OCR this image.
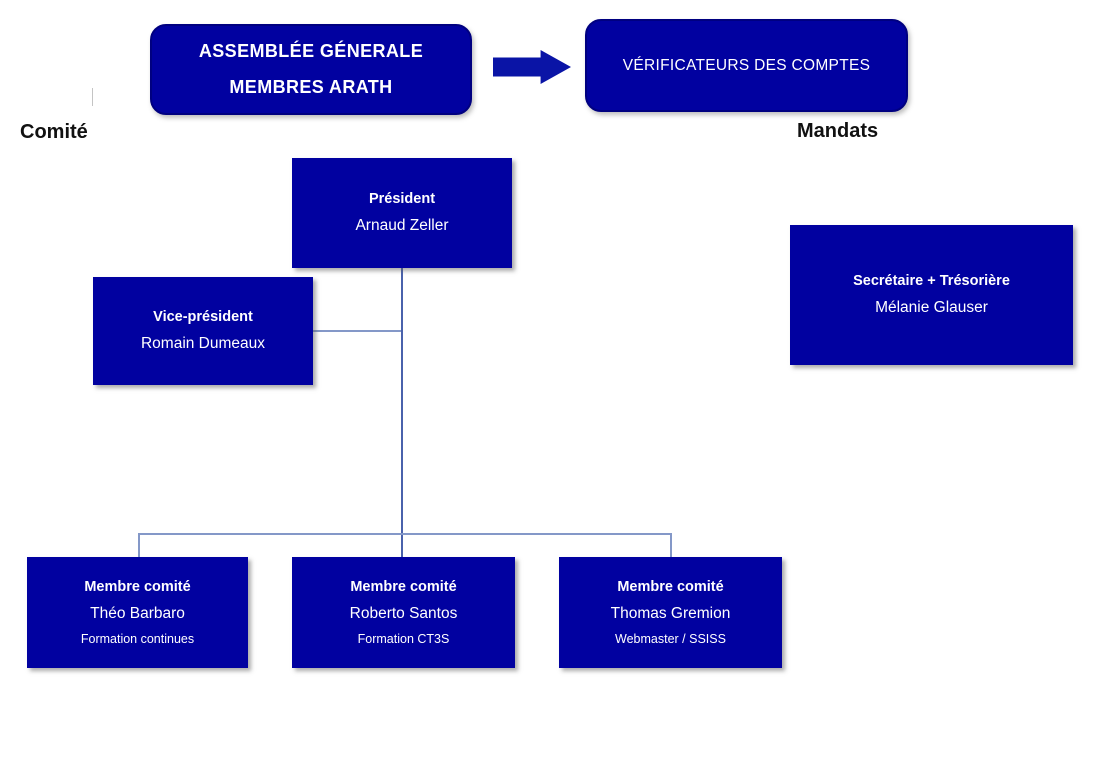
ASSEMBLÉE GÉNERALE
MEMBRES ARATH
VÉRIFICATEURS DES COMPTES
Comité	Mandats
Président
Arnaud Zeller
Vice-président
Romain Dumeaux
Secrétaire + Trésorière
Mélanie Glauser
Membre comité
Théo Barbaro
Formation continues
Membre comité
Roberto Santos
Formation CT3S
Membre comité
Thomas Gremion
Webmaster / SSISS
